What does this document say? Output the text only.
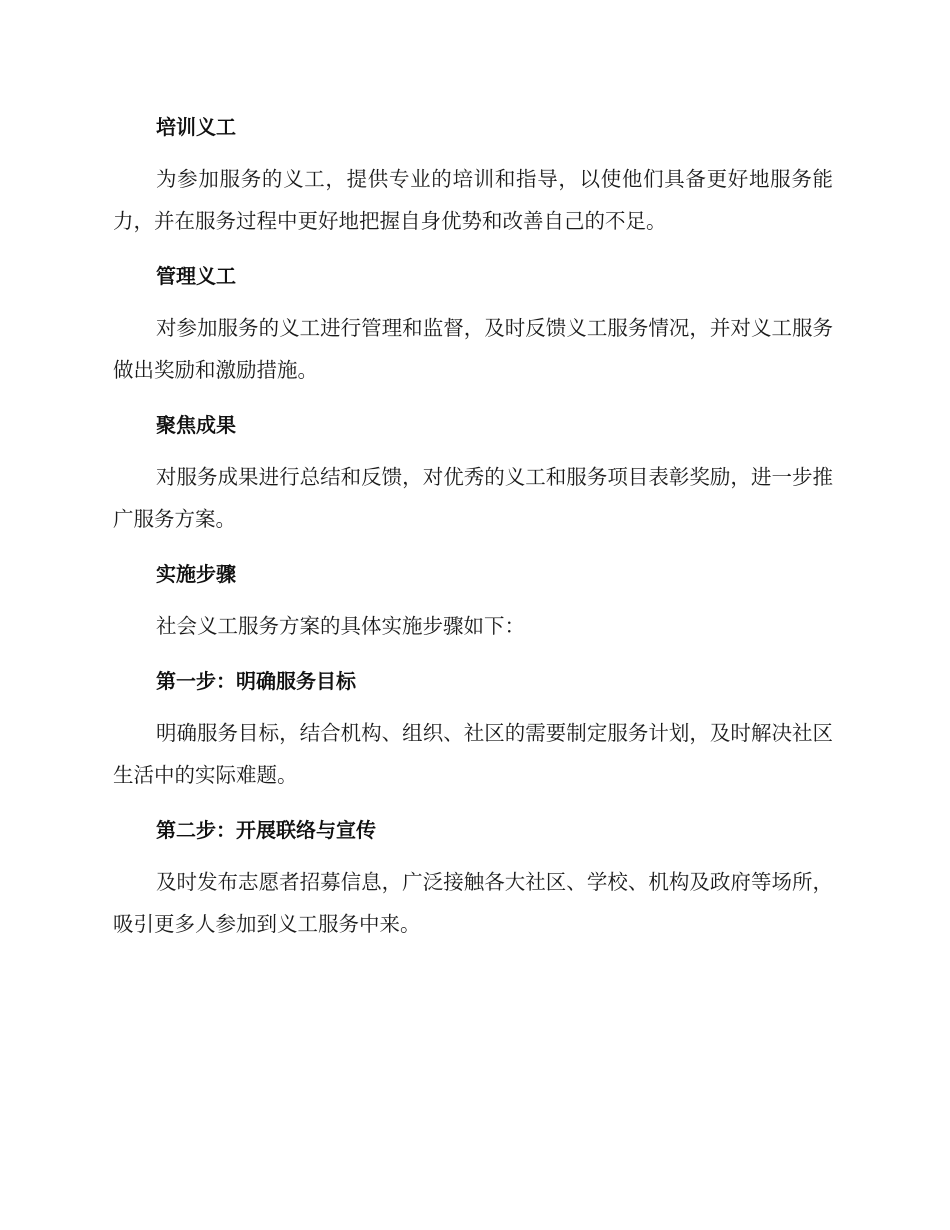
培训义工

为参加服务的义工，提供专业的培训和指导，以使他们具备更好地服务能力，并在服务过程中更好地把握自身优势和改善自己的不足。

管理义工

对参加服务的义工进行管理和监督，及时反馈义工服务情况，并对义工服务做出奖励和激励措施。

聚焦成果

对服务成果进行总结和反馈，对优秀的义工和服务项目表彰奖励，进一步推广服务方案。

实施步骤

社会义工服务方案的具体实施步骤如下：

第一步：明确服务目标

明确服务目标，结合机构、组织、社区的需要制定服务计划，及时解决社区生活中的实际难题。

第二步：开展联络与宣传

及时发布志愿者招募信息，广泛接触各大社区、学校、机构及政府等场所，吸引更多人参加到义工服务中来。
